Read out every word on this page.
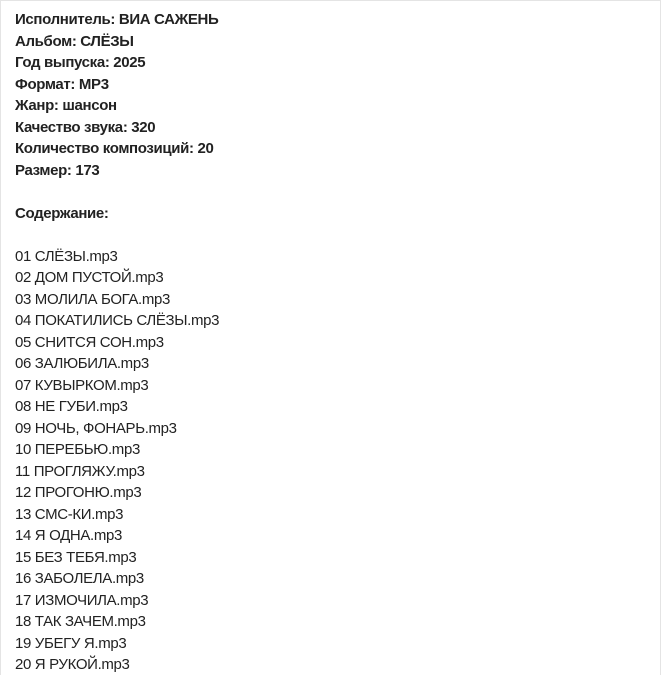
Исполнитель: ВИА САЖЕНЬ
Альбом: СЛЁЗЫ
Год выпуска: 2025
Формат: MP3
Жанр: шансон
Качество звука: 320
Количество композиций: 20
Размер: 173
Содержание:
01 СЛЁЗЫ.mp3
02 ДОМ ПУСТОЙ.mp3
03 МОЛИЛА БОГА.mp3
04 ПОКАТИЛИСЬ СЛЁЗЫ.mp3
05 СНИТСЯ СОН.mp3
06 ЗАЛЮБИЛА.mp3
07 КУВЫРКОМ.mp3
08 НЕ ГУБИ.mp3
09 НОЧЬ, ФОНАРЬ.mp3
10 ПЕРЕБЬЮ.mp3
11 ПРОГЛЯЖУ.mp3
12 ПРОГОНЮ.mp3
13 СМС-КИ.mp3
14 Я ОДНА.mp3
15 БЕЗ ТЕБЯ.mp3
16 ЗАБОЛЕЛА.mp3
17 ИЗМОЧИЛА.mp3
18 ТАК ЗАЧЕМ.mp3
19 УБЕГУ Я.mp3
20 Я РУКОЙ.mp3
